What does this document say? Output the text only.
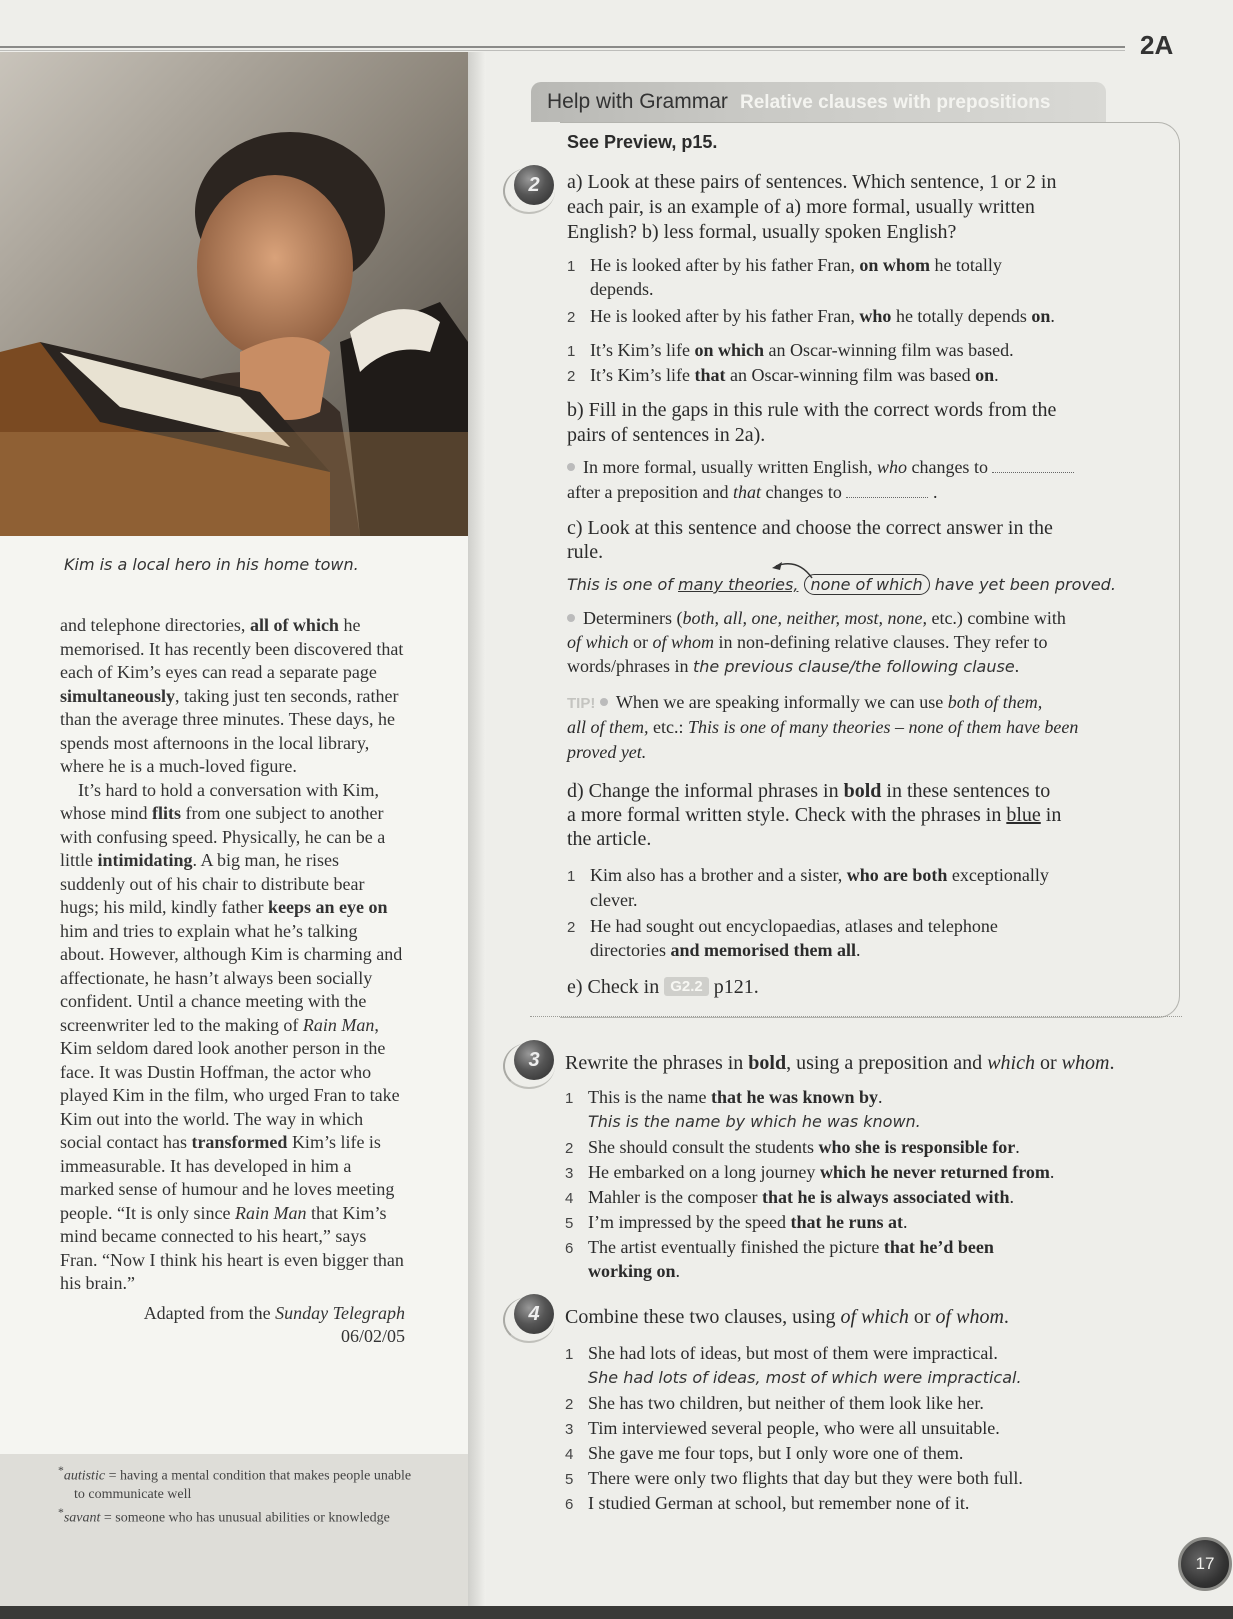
2A
Kim is a local hero in his home town.

and telephone directories, all of which he memorised. It has recently been discovered that each of Kim’s eyes can read a separate page simultaneously, taking just ten seconds, rather than the average three minutes. These days, he spends most afternoons in the local library, where he is a much-loved figure.

It’s hard to hold a conversation with Kim, whose mind flits from one subject to another with confusing speed. Physically, he can be a little intimidating. A big man, he rises suddenly out of his chair to distribute bear hugs; his mild, kindly father keeps an eye on him and tries to explain what he’s talking about. However, although Kim is charming and affectionate, he hasn’t always been socially confident. Until a chance meeting with the screenwriter led to the making of Rain Man, Kim seldom dared look another person in the face. It was Dustin Hoffman, the actor who played Kim in the film, who urged Fran to take Kim out into the world. The way in which social contact has transformed Kim’s life is immeasurable. It has developed in him a marked sense of humour and he loves meeting people. “It is only since Rain Man that Kim’s mind became connected to his heart,” says Fran. “Now I think his heart is even bigger than his brain.”

Adapted from the Sunday Telegraph
06/02/05
*autistic = having a mental condition that makes people unable to communicate well
*savant = someone who has unusual abilities or knowledge
Help with Grammar Relative clauses with prepositions
See Preview, p15.
2	a) Look at these pairs of sentences. Which sentence, 1 or 2 in
each pair, is an example of a) more formal, usually written
English? b) less formal, usually spoken English?
1 He is looked after by his father Fran, on whom he totally
depends.
2 He is looked after by his father Fran, who he totally depends on.
1 It’s Kim’s life on which an Oscar-winning film was based.
2 It’s Kim’s life that an Oscar-winning film was based on.
b) Fill in the gaps in this rule with the correct words from the
pairs of sentences in 2a).
In more formal, usually written English, who changes to
after a preposition and that changes to	.
c) Look at this sentence and choose the correct answer in the
rule.
This is one of many theories, none of which have yet been proved.
Determiners (both, all, one, neither, most, none, etc.) combine with
of which or of whom in non-defining relative clauses. They refer to
words/phrases in the previous clause/the following clause.
TIP! When we are speaking informally we can use both of them,
all of them, etc.: This is one of many theories – none of them have been
proved yet.
d) Change the informal phrases in bold in these sentences to
a more formal written style. Check with the phrases in blue in
the article.
1 Kim also has a brother and a sister, who are both exceptionally
clever.
2 He had sought out encyclopaedias, atlases and telephone
directories and memorised them all.
e) Check in G2.2 p121.
3	Rewrite the phrases in bold, using a preposition and which or whom.
1 This is the name that he was known by.
This is the name by which he was known.
2 She should consult the students who she is responsible for.
3 He embarked on a long journey which he never returned from.
4 Mahler is the composer that he is always associated with.
5 I’m impressed by the speed that he runs at.
6 The artist eventually finished the picture that he’d been
working on.
4	Combine these two clauses, using of which or of whom.
1 She had lots of ideas, but most of them were impractical.
She had lots of ideas, most of which were impractical.
2 She has two children, but neither of them look like her.
3 Tim interviewed several people, who were all unsuitable.
4 She gave me four tops, but I only wore one of them.
5 There were only two flights that day but they were both full.
6 I studied German at school, but remember none of it.
17
